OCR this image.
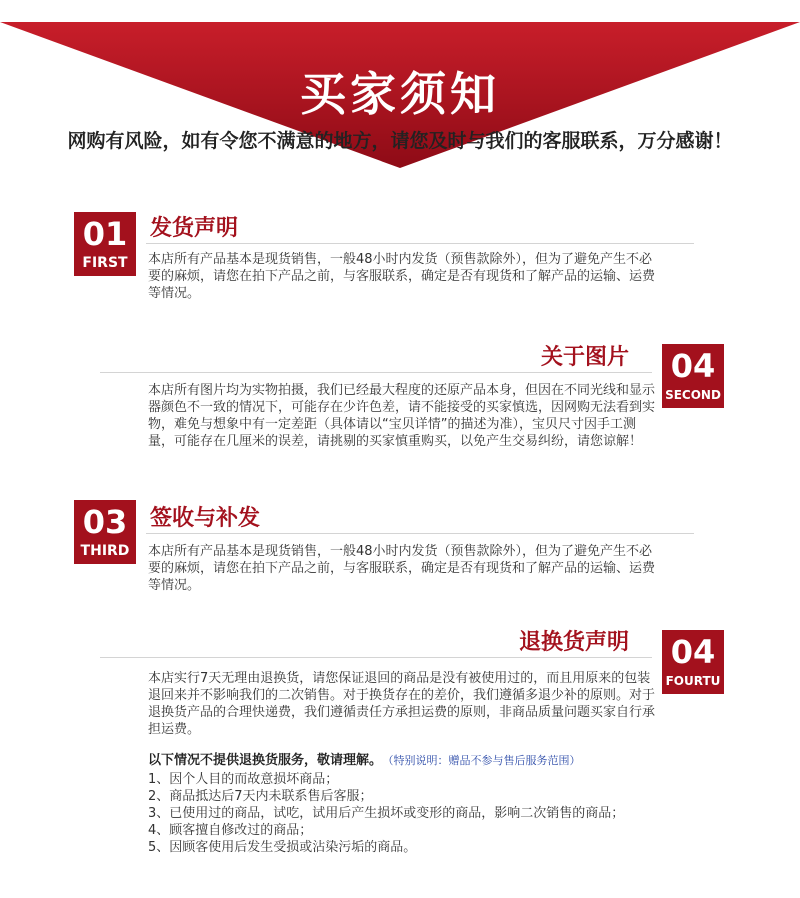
买家须知
网购有风险，如有令您不满意的地方，请您及时与我们的客服联系，万分感谢！
01
FIRST
发货声明
本店所有产品基本是现货销售，一般48小时内发货（预售款除外），但为了避免产生不必要的麻烦，请您在拍下产品之前，与客服联系，确定是否有现货和了解产品的运输、运费等情况。
04
SECOND
关于图片
本店所有图片均为实物拍摄，我们已经最大程度的还原产品本身，但因在不同光线和显示器颜色不一致的情况下，可能存在少许色差，请不能接受的买家慎选，因网购无法看到实物，难免与想象中有一定差距（具体请以“宝贝详情”的描述为准），宝贝尺寸因手工测量，可能存在几厘米的误差，请挑剔的买家慎重购买，以免产生交易纠纷，请您谅解！
03
THIRD
签收与补发
本店所有产品基本是现货销售，一般48小时内发货（预售款除外），但为了避免产生不必要的麻烦，请您在拍下产品之前，与客服联系，确定是否有现货和了解产品的运输、运费等情况。
04
FOURTU
退换货声明
本店实行7天无理由退换货，请您保证退回的商品是没有被使用过的，而且用原来的包装退回来并不影响我们的二次销售。对于换货存在的差价，我们遵循多退少补的原则。对于退换货产品的合理快递费，我们遵循责任方承担运费的原则，非商品质量问题买家自行承担运费。
以下情况不提供退换货服务，敬请理解。 （特别说明：赠品不参与售后服务范围）
1、因个人目的而故意损坏商品；
2、商品抵达后7天内未联系售后客服；
3、已使用过的商品，试吃，试用后产生损坏或变形的商品，影响二次销售的商品；
4、顾客擅自修改过的商品；
5、因顾客使用后发生受损或沾染污垢的商品。
